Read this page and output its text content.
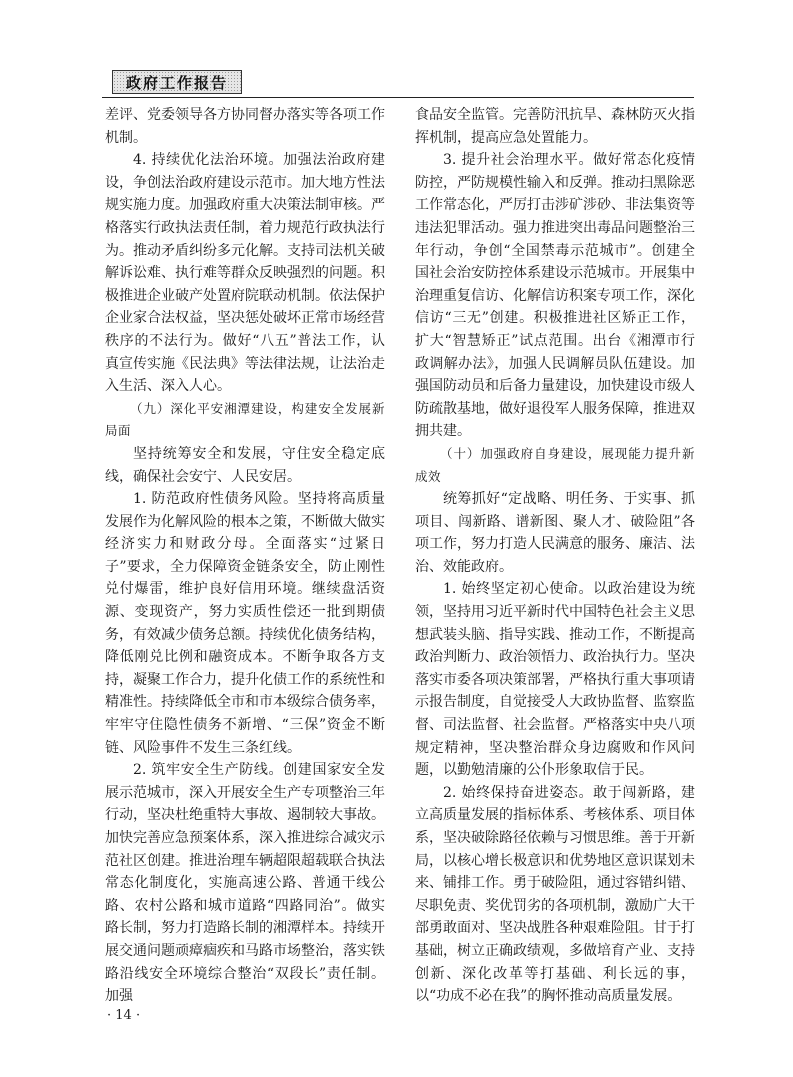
政府工作报告

差评、党委领导各方协同督办落实等各项工作机制。

4. 持续优化法治环境。加强法治政府建设，争创法治政府建设示范市。加大地方性法规实施力度。加强政府重大决策法制审核。严格落实行政执法责任制，着力规范行政执法行为。推动矛盾纠纷多元化解。支持司法机关破解诉讼难、执行难等群众反映强烈的问题。积极推进企业破产处置府院联动机制。依法保护企业家合法权益，坚决惩处破坏正常市场经营秩序的不法行为。做好“八五”普法工作，认真宣传实施《民法典》等法律法规，让法治走入生活、深入人心。

（九）深化平安湘潭建设，构建安全发展新局面

坚持统筹安全和发展，守住安全稳定底线，确保社会安宁、人民安居。

1. 防范政府性债务风险。坚持将高质量发展作为化解风险的根本之策，不断做大做实经济实力和财政分母。全面落实“过紧日子”要求，全力保障资金链条安全，防止刚性兑付爆雷，维护良好信用环境。继续盘活资源、变现资产，努力实质性偿还一批到期债务，有效减少债务总额。持续优化债务结构，降低刚兑比例和融资成本。不断争取各方支持，凝聚工作合力，提升化债工作的系统性和精准性。持续降低全市和市本级综合债务率，牢牢守住隐性债务不新增、“三保”资金不断链、风险事件不发生三条红线。

2. 筑牢安全生产防线。创建国家安全发展示范城市，深入开展安全生产专项整治三年行动，坚决杜绝重特大事故、遏制较大事故。加快完善应急预案体系，深入推进综合减灾示范社区创建。推进治理车辆超限超载联合执法常态化制度化，实施高速公路、普通干线公路、农村公路和城市道路“四路同治”。做实路长制，努力打造路长制的湘潭样本。持续开展交通问题顽瘴痼疾和马路市场整治，落实铁路沿线安全环境综合整治“双段长”责任制。加强

食品安全监管。完善防汛抗旱、森林防灭火指挥机制，提高应急处置能力。

3. 提升社会治理水平。做好常态化疫情防控，严防规模性输入和反弹。推动扫黑除恶工作常态化，严厉打击涉矿涉砂、非法集资等违法犯罪活动。强力推进突出毒品问题整治三年行动，争创“全国禁毒示范城市”。创建全国社会治安防控体系建设示范城市。开展集中治理重复信访、化解信访积案专项工作，深化信访“三无”创建。积极推进社区矫正工作，扩大“智慧矫正”试点范围。出台《湘潭市行政调解办法》，加强人民调解员队伍建设。加强国防动员和后备力量建设，加快建设市级人防疏散基地，做好退役军人服务保障，推进双拥共建。

（十）加强政府自身建设，展现能力提升新成效

统筹抓好“定战略、明任务、于实事、抓项目、闯新路、谱新图、聚人才、破险阻”各项工作，努力打造人民满意的服务、廉洁、法治、效能政府。

1. 始终坚定初心使命。以政治建设为统领，坚持用习近平新时代中国特色社会主义思想武装头脑、指导实践、推动工作，不断提高政治判断力、政治领悟力、政治执行力。坚决落实市委各项决策部署，严格执行重大事项请示报告制度，自觉接受人大政协监督、监察监督、司法监督、社会监督。严格落实中央八项规定精神，坚决整治群众身边腐败和作风问题，以勤勉清廉的公仆形象取信于民。

2. 始终保持奋进姿态。敢于闯新路，建立高质量发展的指标体系、考核体系、项目体系，坚决破除路径依赖与习惯思维。善于开新局，以核心增长极意识和优势地区意识谋划未来、铺排工作。勇于破险阻，通过容错纠错、尽职免责、奖优罚劣的各项机制，激励广大干部勇敢面对、坚决战胜各种艰难险阻。甘于打基础，树立正确政绩观，多做培育产业、支持创新、深化改革等打基础、利长远的事，以“功成不必在我”的胸怀推动高质量发展。

· 14 ·
